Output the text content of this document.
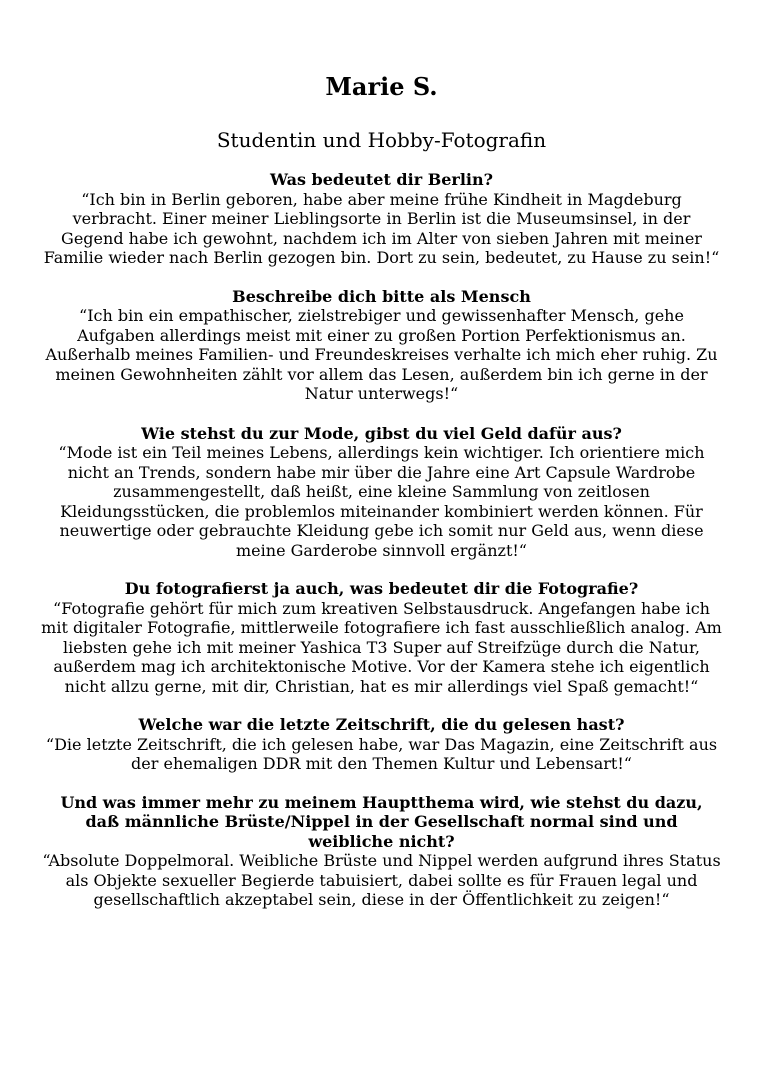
Marie S.
Studentin und Hobby-Fotografin
Was bedeutet dir Berlin?

“Ich bin in Berlin geboren, habe aber meine frühe Kindheit in Magdeburg verbracht. Einer meiner Lieblingsorte in Berlin ist die Museumsinsel, in der Gegend habe ich gewohnt, nachdem ich im Alter von sieben Jahren mit meiner Familie wieder nach Berlin gezogen bin. Dort zu sein, bedeutet, zu Hause zu sein!“

Beschreibe dich bitte als Mensch

“Ich bin ein empathischer, zielstrebiger und gewissenhafter Mensch, gehe Aufgaben allerdings meist mit einer zu großen Portion Perfektionismus an. Außerhalb meines Familien- und Freundeskreises verhalte ich mich eher ruhig. Zu meinen Gewohnheiten zählt vor allem das Lesen, außerdem bin ich gerne in der Natur unterwegs!“

Wie stehst du zur Mode, gibst du viel Geld dafür aus?

“Mode ist ein Teil meines Lebens, allerdings kein wichtiger. Ich orientiere mich nicht an Trends, sondern habe mir über die Jahre eine Art Capsule Wardrobe zusammengestellt, daß heißt, eine kleine Sammlung von zeitlosen Kleidungsstücken, die problemlos miteinander kombiniert werden können. Für neuwertige oder gebrauchte Kleidung gebe ich somit nur Geld aus, wenn diese meine Garderobe sinnvoll ergänzt!“

Du fotografierst ja auch, was bedeutet dir die Fotografie?

“Fotografie gehört für mich zum kreativen Selbstausdruck. Angefangen habe ich mit digitaler Fotografie, mittlerweile fotografiere ich fast ausschließlich analog. Am liebsten gehe ich mit meiner Yashica T3 Super auf Streifzüge durch die Natur, außerdem mag ich architektonische Motive. Vor der Kamera stehe ich eigentlich nicht allzu gerne, mit dir, Christian, hat es mir allerdings viel Spaß gemacht!“

Welche war die letzte Zeitschrift, die du gelesen hast?

“Die letzte Zeitschrift, die ich gelesen habe, war Das Magazin, eine Zeitschrift aus der ehemaligen DDR mit den Themen Kultur und Lebensart!“

Und was immer mehr zu meinem Hauptthema wird, wie stehst du dazu, daß männliche Brüste/Nippel in der Gesellschaft normal sind und weibliche nicht?

“Absolute Doppelmoral. Weibliche Brüste und Nippel werden aufgrund ihres Status als Objekte sexueller Begierde tabuisiert, dabei sollte es für Frauen legal und gesellschaftlich akzeptabel sein, diese in der Öffentlichkeit zu zeigen!“
